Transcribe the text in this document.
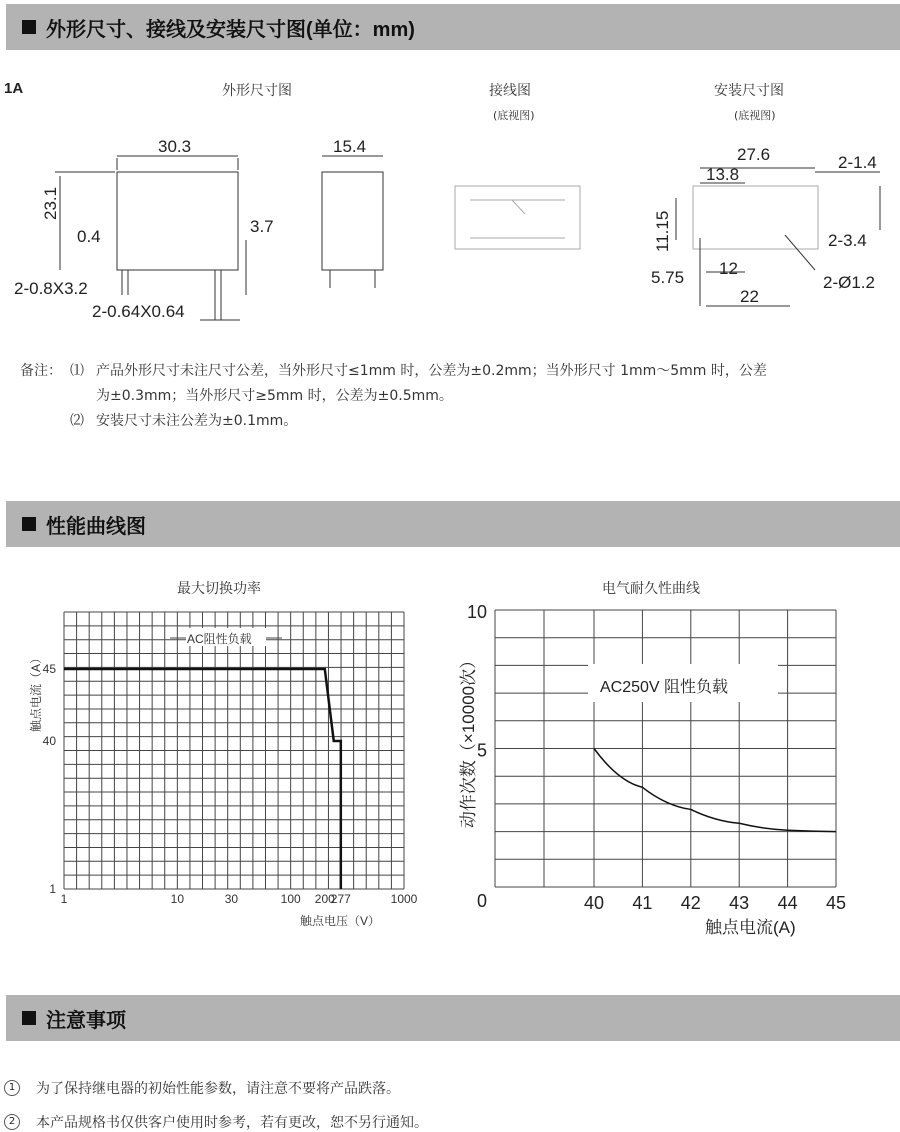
外形尺寸、接线及安装尺寸图(单位：mm)
1A	外形尺寸图	接线图
(底视图)
安装尺寸图
(底视图)
30.3
23.1
0.4
3.7
2-0.8X3.2
2-0.64X0.64
15.4	27.6
13.8
2-1.4
11.15	2-3.4
5.75 12
22
2-Ø1.2
备注： ⑴ 产品外形尺寸未注尺寸公差，当外形尺寸≤1mm 时，公差为±0.2mm；当外形尺寸 1mm～5mm 时，公差
为±0.3mm；当外形尺寸≥5mm 时，公差为±0.5mm。
⑵ 安装尺寸未注公差为±0.1mm。
性能曲线图
最大切换功率
AC阻性负载
1
40
45
1	10	30	100 200
277	1000
触点电压（V）
触点电流（A）
电气耐久性曲线
AC250V 阻性负载
0
5
10
40 41 42 43 44 45
触点电流(A)
动作次数（×10000次）
注意事项
1	为了保持继电器的初始性能参数，请注意不要将产品跌落。
2	本产品规格书仅供客户使用时参考，若有更改，恕不另行通知。
